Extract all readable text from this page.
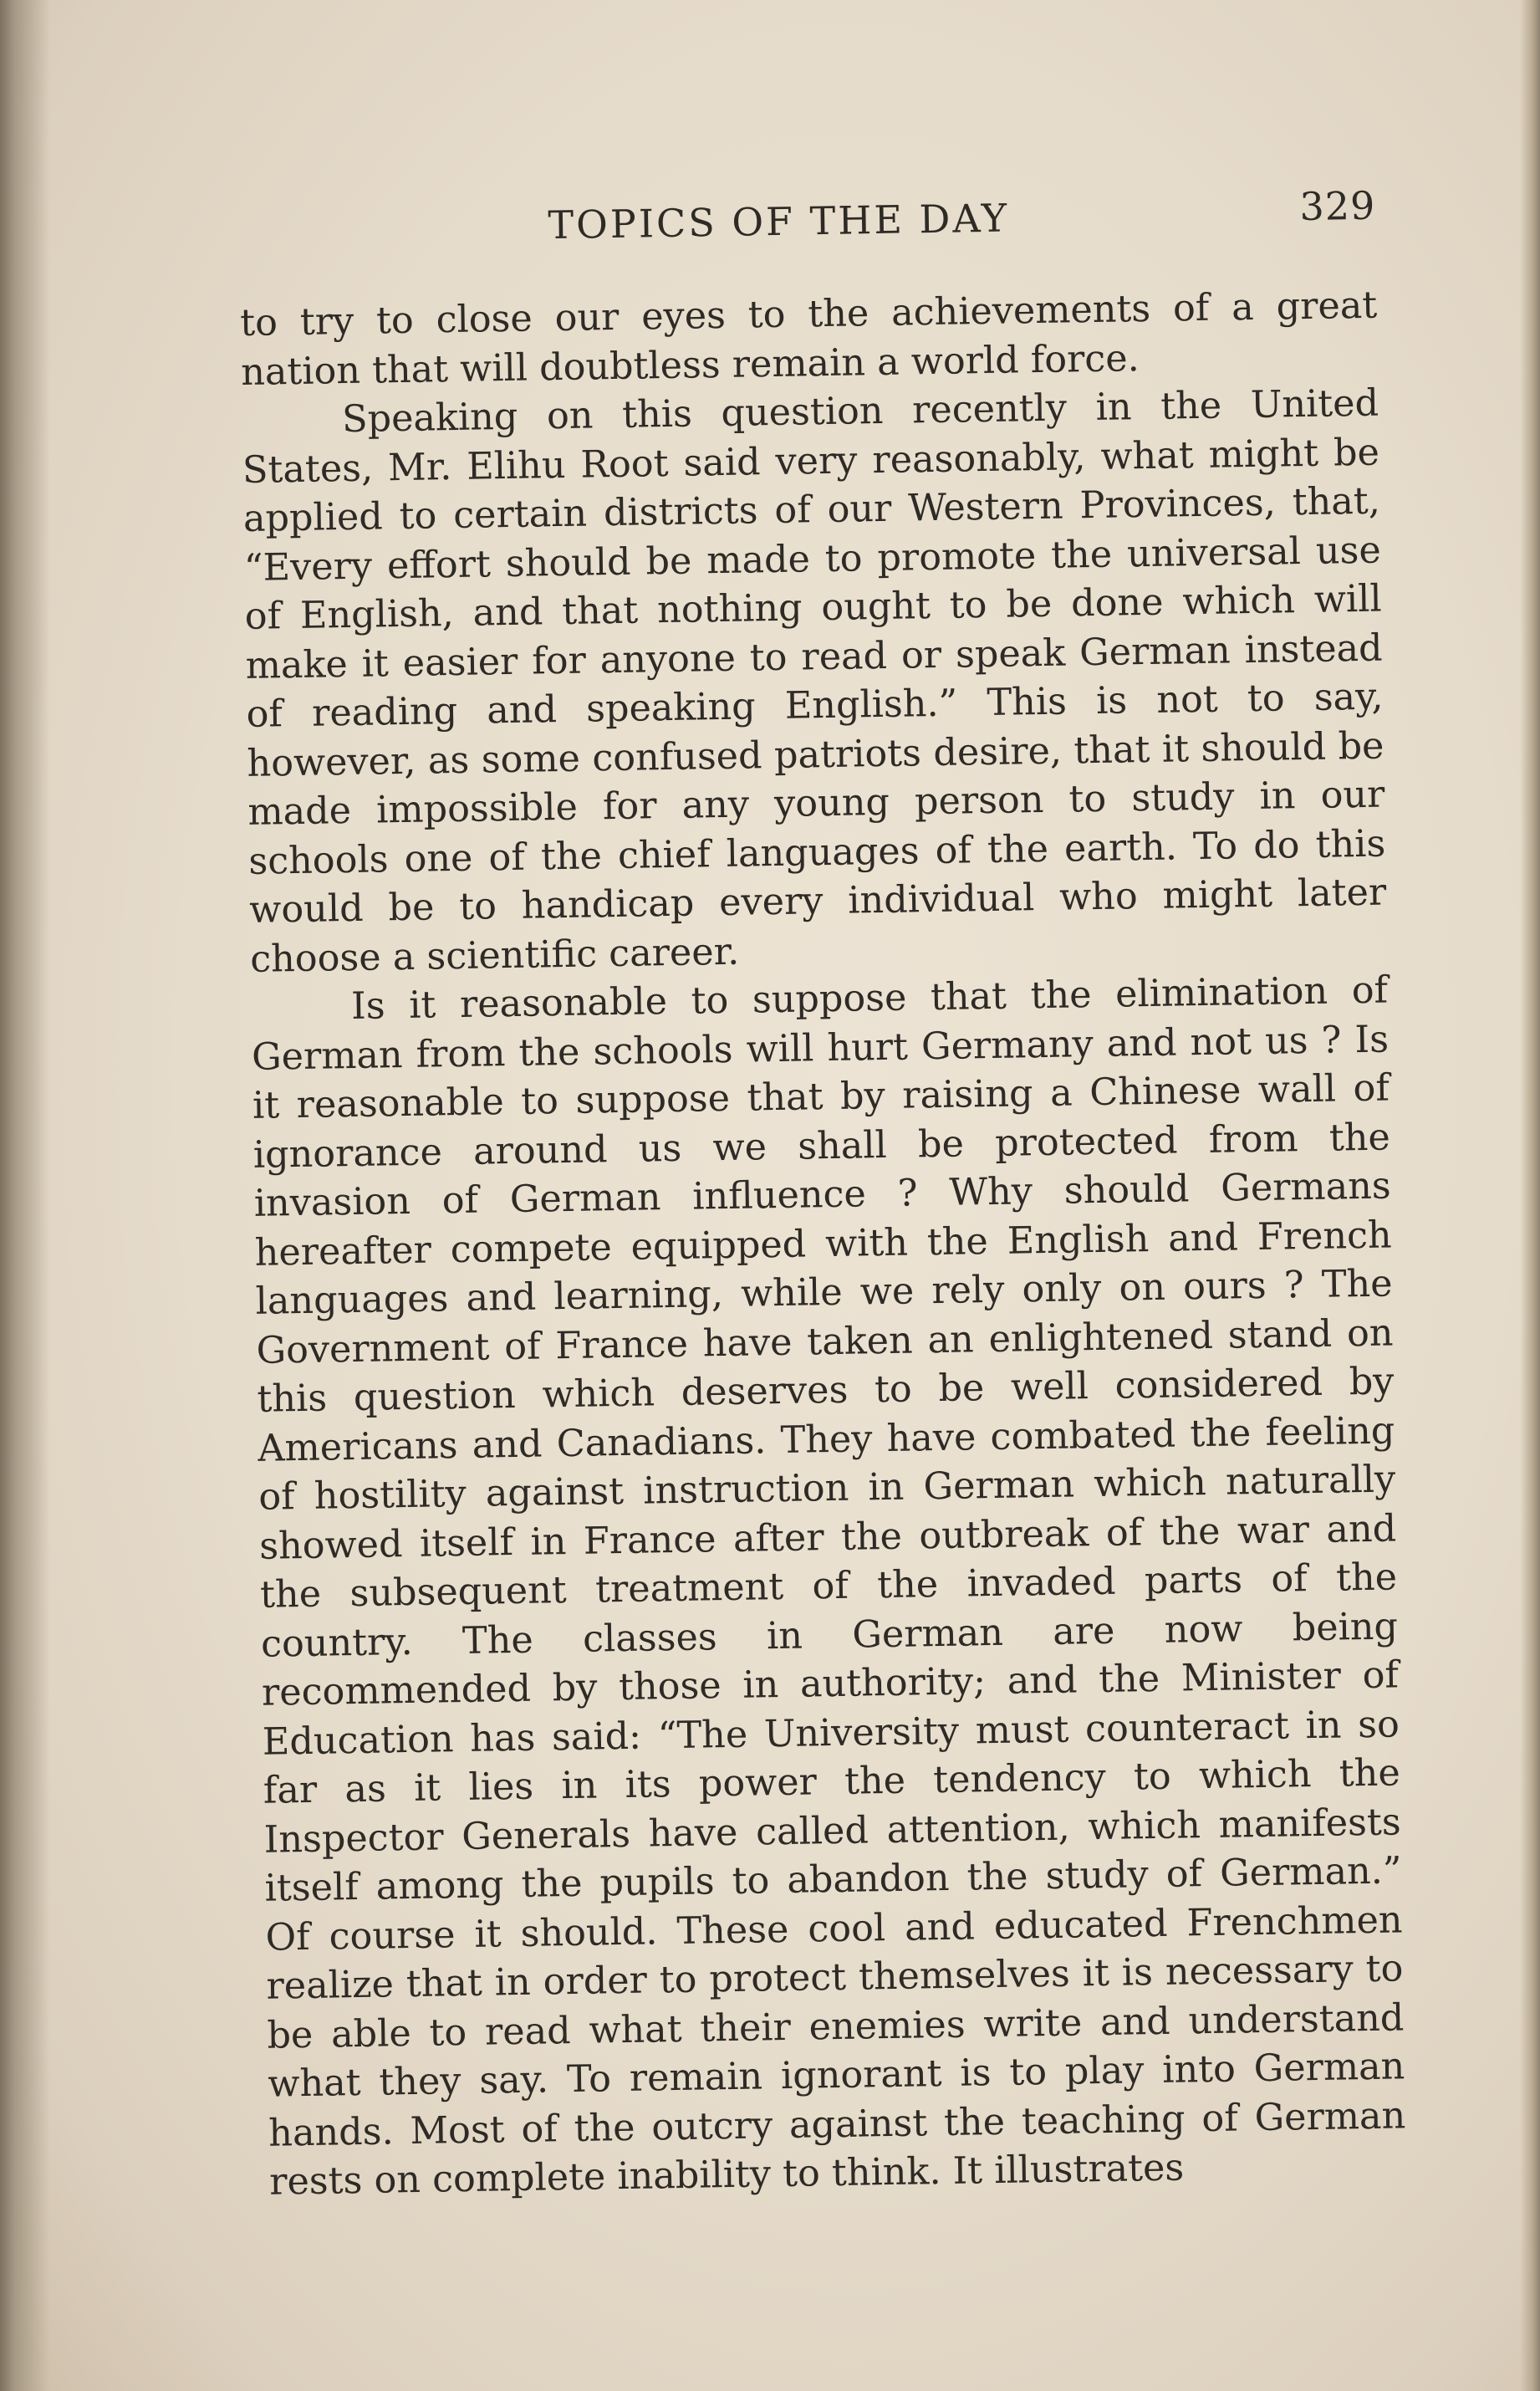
TOPICS OF THE DAY	329

to try to close our eyes to the achievements of a great nation that will doubtless remain a world force.

Speaking on this question recently in the United States, Mr. Elihu Root said very reasonably, what might be applied to certain districts of our Western Provinces, that, “Every effort should be made to promote the universal use of English, and that nothing ought to be done which will make it easier for anyone to read or speak German instead of reading and speaking English.” This is not to say, however, as some confused patriots desire, that it should be made impossible for any young person to study in our schools one of the chief languages of the earth. To do this would be to handicap every individual who might later choose a scientific career.

Is it reasonable to suppose that the elimination of German from the schools will hurt Germany and not us ? Is it reasonable to suppose that by raising a Chinese wall of ignorance around us we shall be protected from the invasion of German influence ? Why should Germans hereafter compete equipped with the English and French languages and learning, while we rely only on ours ? The Government of France have taken an enlightened stand on this question which deserves to be well considered by Americans and Canadians. They have combated the feeling of hostility against instruction in German which naturally showed itself in France after the outbreak of the war and the subsequent treatment of the invaded parts of the country. The classes in German are now being recommended by those in authority; and the Minister of Education has said: “The University must counteract in so far as it lies in its power the tendency to which the Inspector Generals have called attention, which manifests itself among the pupils to abandon the study of German.” Of course it should. These cool and educated Frenchmen realize that in order to protect themselves it is necessary to be able to read what their enemies write and understand what they say. To remain ignorant is to play into German hands. Most of the outcry against the teaching of German rests on complete inability to think. It illustrates
